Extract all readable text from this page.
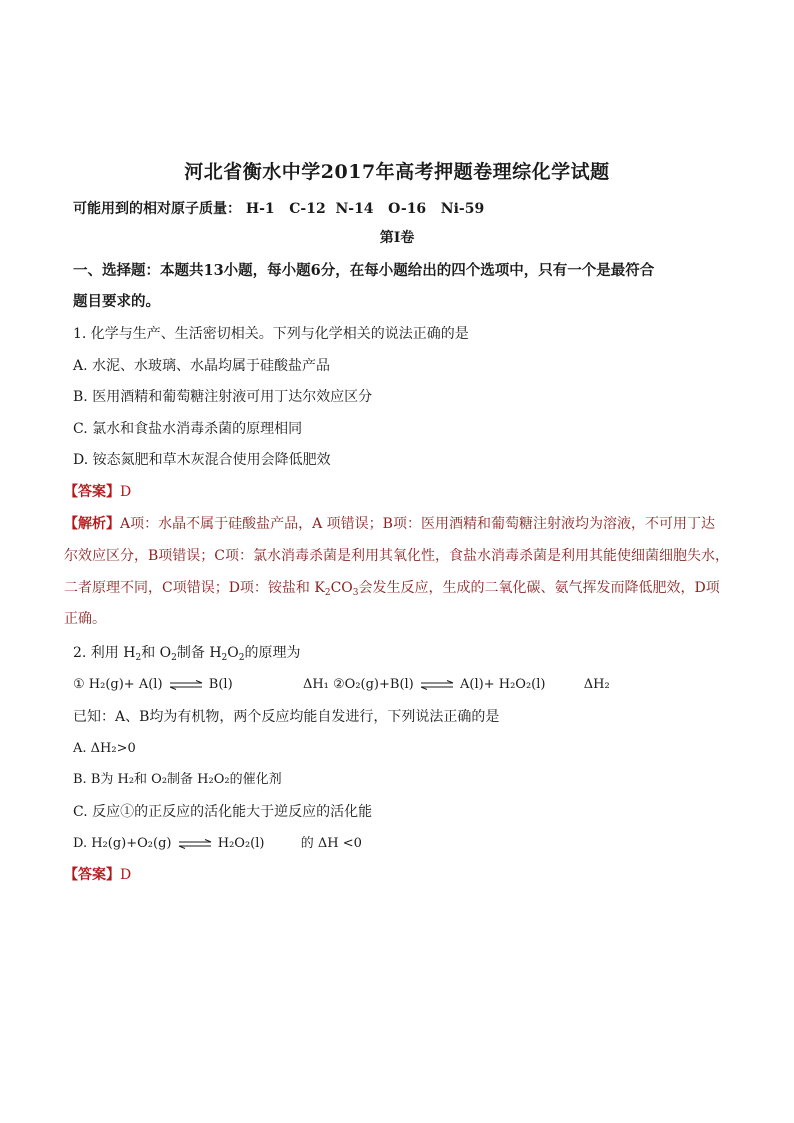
河北省衡水中学2017年高考押题卷理综化学试题
可能用到的相对原子质量： H-1   C-12  N-14   O-16   Ni-59
第Ⅰ卷
一、选择题：本题共13小题，每小题6分，在每小题给出的四个选项中，只有一个是最符合
题目要求的。
1. 化学与生产、生活密切相关。下列与化学相关的说法正确的是
A. 水泥、水玻璃、水晶均属于硅酸盐产品
B. 医用酒精和葡萄糖注射液可用丁达尔效应区分
C. 氯水和食盐水消毒杀菌的原理相同
D. 铵态氮肥和草木灰混合使用会降低肥效
【答案】D
【解析】A项：水晶不属于硅酸盐产品，A 项错误；B项：医用酒精和葡萄糖注射液均为溶液，不可用丁达
尔效应区分，B项错误；C项：氯水消毒杀菌是利用其氧化性，食盐水消毒杀菌是利用其能使细菌细胞失水，
二者原理不同，C项错误；D项：铵盐和 $K_2CO_3$会发生反应，生成的二氧化碳、氨气挥发而降低肥效，D项
正确。
2. 利用 $H_2$和 $O_2$制备 $H_2O_2$的原理为
① H₂(g)+ A(l) ⇌ B(l)	ΔH₁ ②O₂(g)+B(l) ⇌ A(l)+ H₂O₂(l)	ΔH₂
已知：A、B均为有机物，两个反应均能自发进行，下列说法正确的是
A. ΔH₂>0
B. B为 H₂和 O₂制备 H₂O₂的催化剂
C. 反应①的正反应的活化能大于逆反应的活化能
D. H₂(g)+O₂(g) ⇌ H₂O₂(l)	的 ΔH <0
【答案】D
